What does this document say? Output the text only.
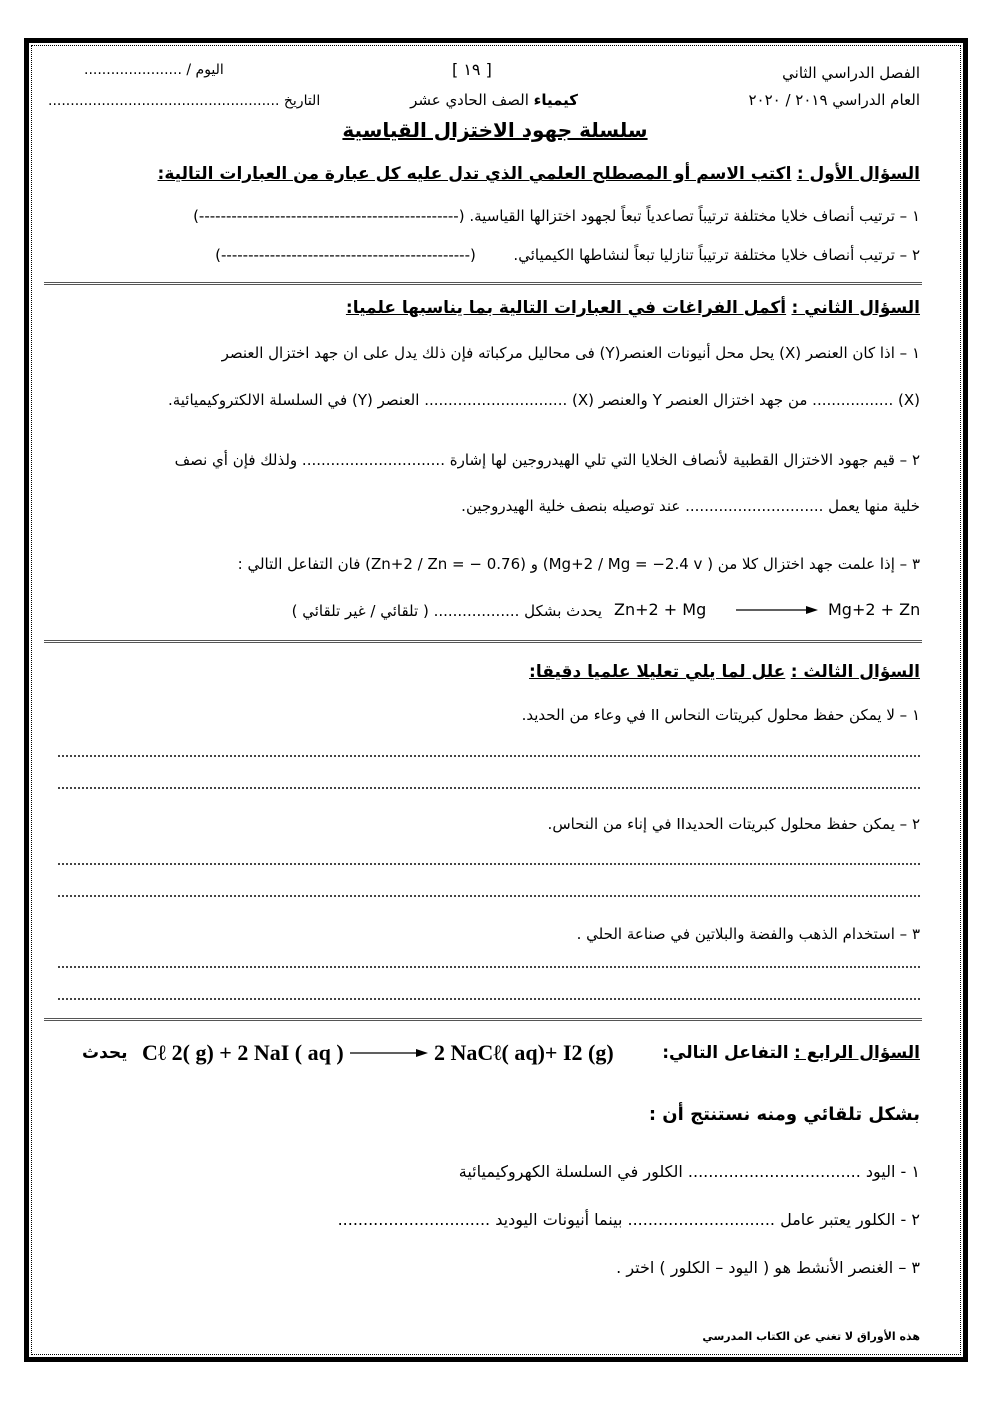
الفصل الدراسي الثاني
العام الدراسي ٢٠١٩ / ٢٠٢٠
[ ١٩ ]
كيمياء الصف الحادي عشر
اليوم / ......................
التاريخ ....................................................
سلسلة جهود الاختزال القياسية
السؤال الأول : اكتب الاسم أو المصطلح العلمي الذي تدل عليه كل عبارة من العبارات التالية:
١ – ترتيب أنصاف خلايا مختلفة ترتيباً تصاعدياً تبعاً لجهود اختزالها القياسية. (------------------------------------------------)
٢ – ترتيب أنصاف خلايا مختلفة ترتيباً تنازليا تبعاً لنشاطها الكيميائي.  (----------------------------------------------)
السؤال الثاني : أكمل الفراغات في العبارات التالية بما يناسبها علميا:
١ – اذا كان العنصر (X) يحل محل أنيونات العنصر(Y) فى محاليل مركباته فإن ذلك يدل على ان جهد اختزال العنصر
(X) ................. من جهد اختزال العنصر Y والعنصر (X) .............................. العنصر (Y) في السلسلة الالكتروكيميائية.
٢ – قيم جهود الاختزال القطبية لأنصاف الخلايا التي تلي الهيدروجين لها إشارة .............................. ولذلك فإن أي نصف
خلية منها يعمل ............................. عند توصيله بنصف خلية الهيدروجين.
٣ – إذا علمت جهد اختزال كلا من ( Mg+2 / Mg = −2.4 v) و (Zn+2 / Zn = − 0.76) فان التفاعل التالي :
Mg+2 + Zn
Zn+2 + Mg
يحدث بشكل .................. ( تلقائي / غير تلقائي )
السؤال الثالث : علل لما يلي تعليلا علميا دقيقا:
١ – لا يمكن حفظ محلول كبريتات النحاس II في وعاء من الحديد.
٢ – يمكن حفظ محلول كبريتات الحديدII في إناء من النحاس.
٣ – استخدام الذهب والفضة والبلاتين في صناعة الحلي .
السؤال الرابع : التفاعل التالي:
2 NaCℓ( aq)+ I2 (g)
Cℓ 2( g) + 2 NaI ( aq )
يحدث
بشكل تلقائي ومنه نستنتج أن :
١ - اليود .................................. الكلور في السلسلة الكهروكيميائية
٢ - الكلور يعتبر عامل ............................. بينما أنيونات اليوديد ..............................
٣ – الغنصر الأنشط هو ( اليود – الكلور ) اختر .
هذه الأوراق لا تغني عن الكتاب المدرسي
